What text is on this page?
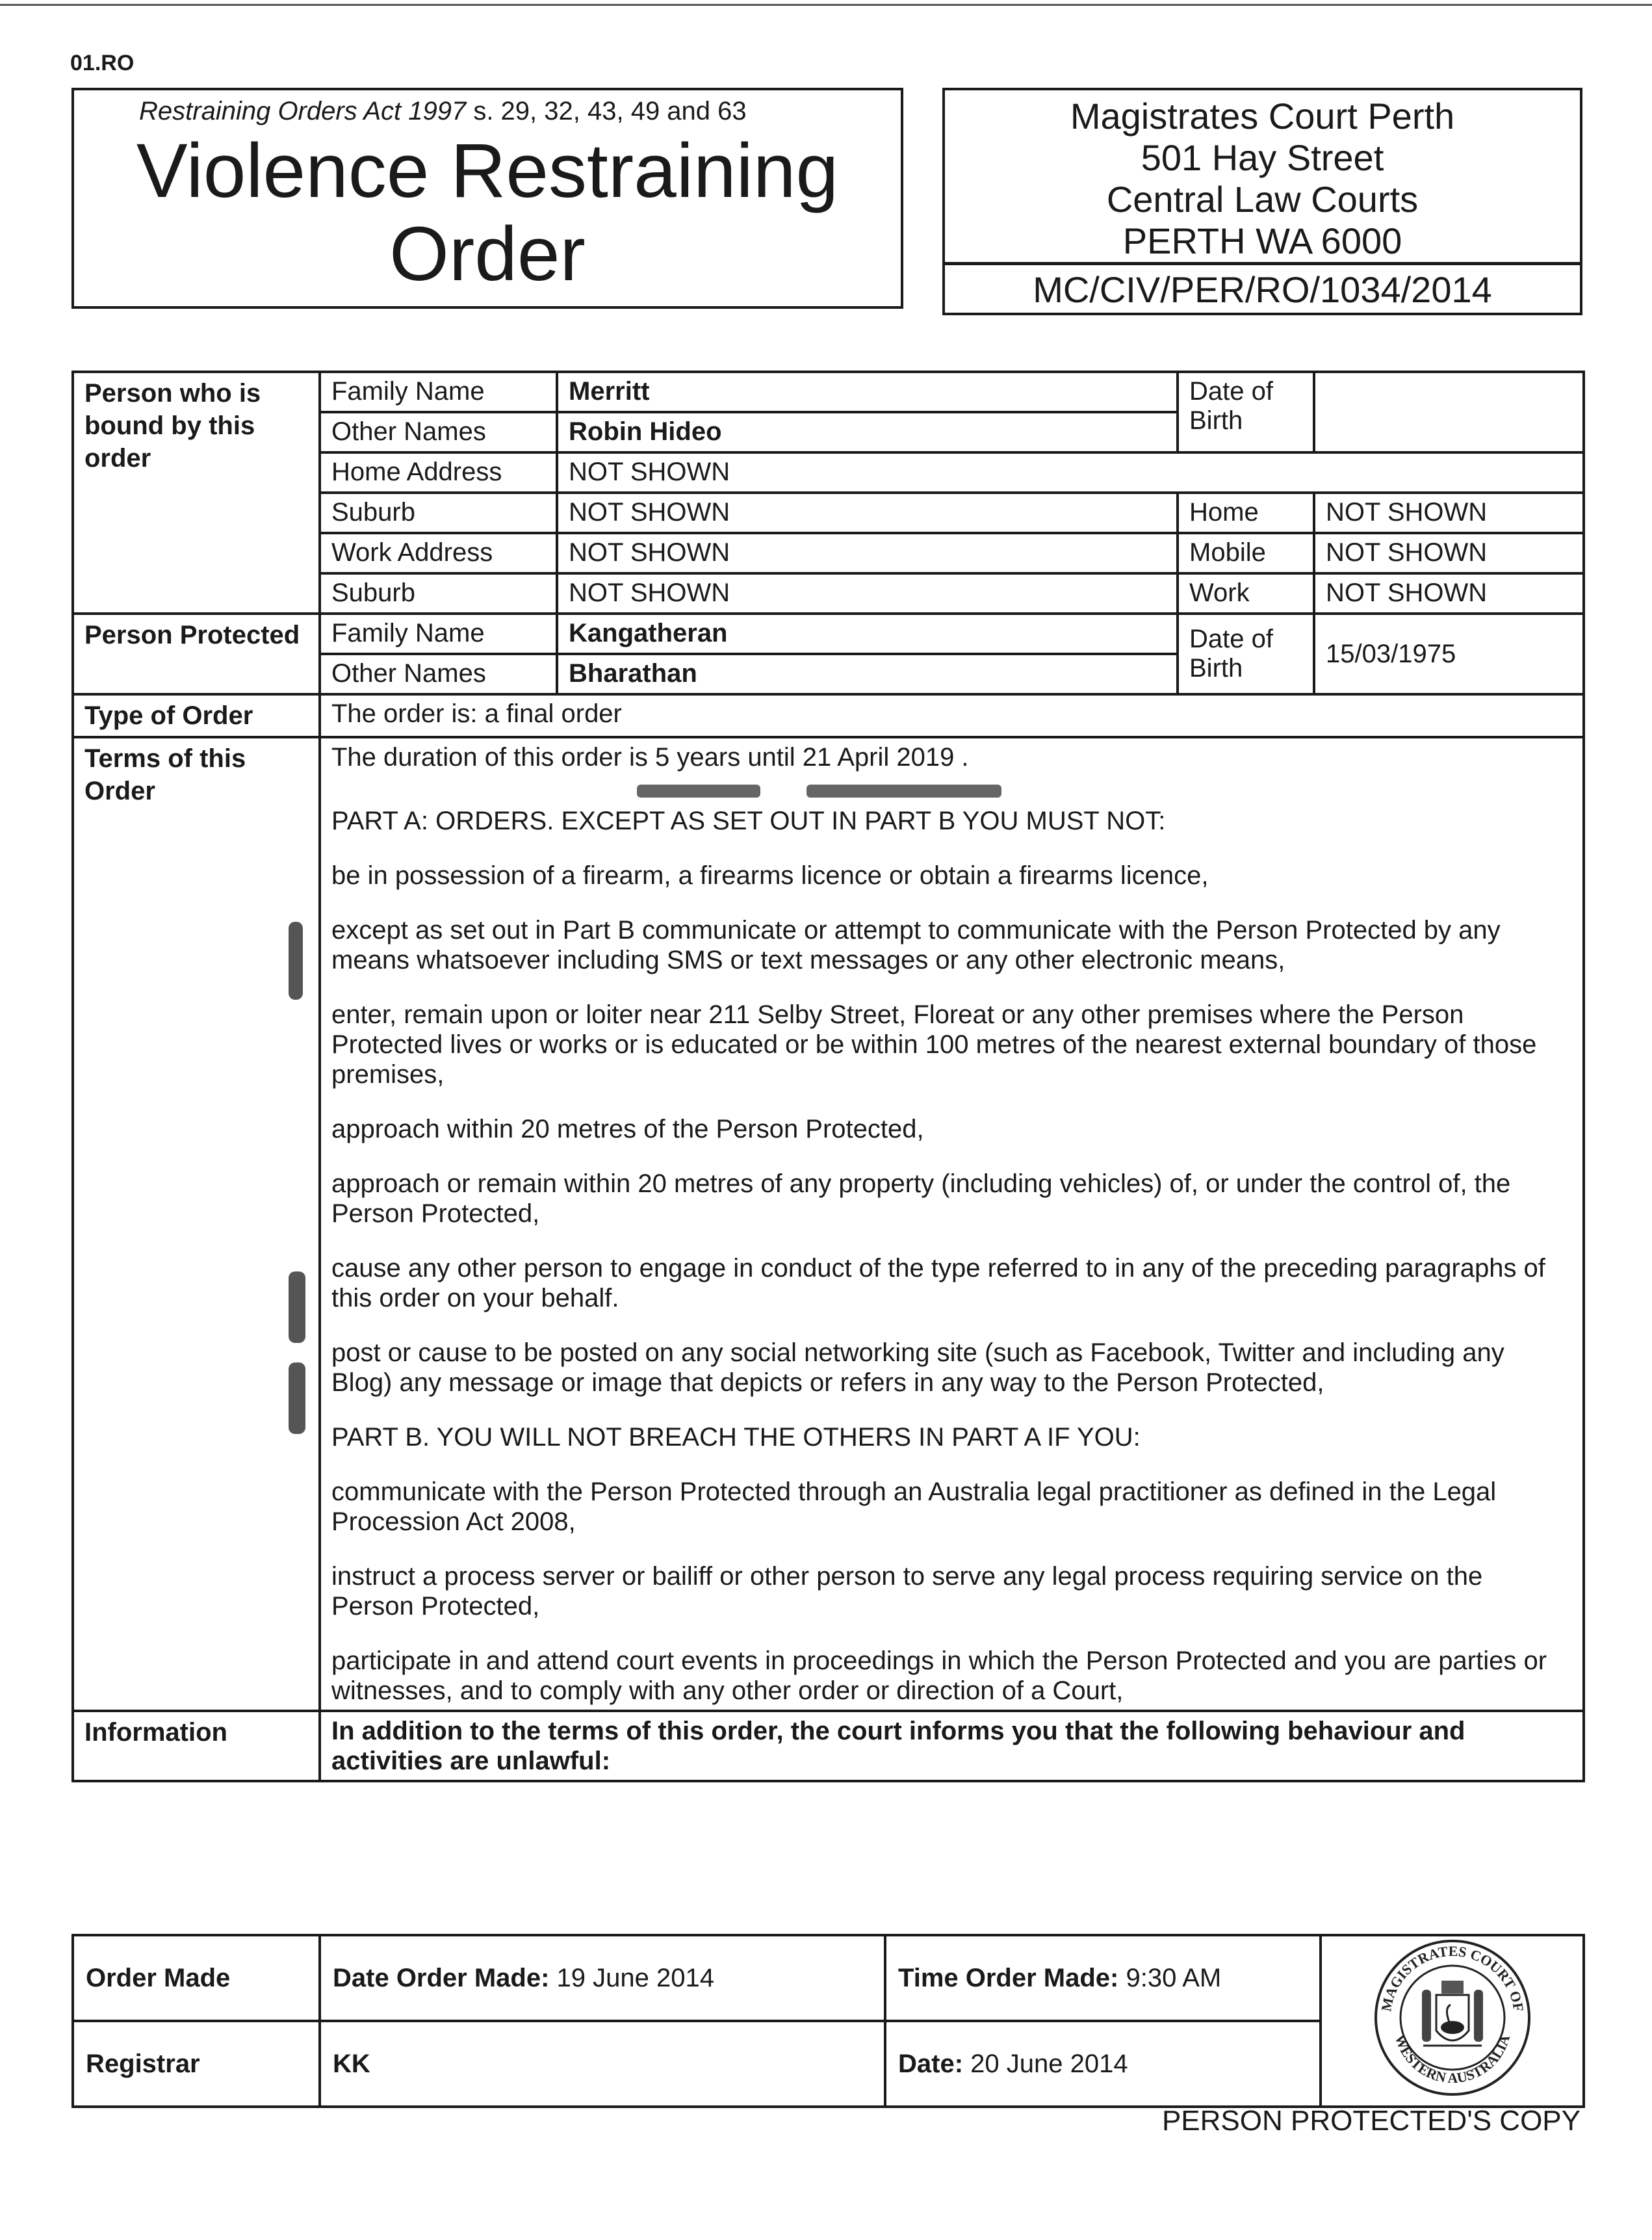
01.RO
Restraining Orders Act 1997 s. 29, 32, 43, 49 and 63
Violence Restraining
Order
Magistrates Court Perth
501 Hay Street
Central Law Courts
PERTH WA 6000
MC/CIV/PER/RO/1034/2014
Person who is bound by this order	Family Name	Merritt	Date of Birth	
	Other Names	Robin Hideo		
	Home Address	NOT SHOWN		
	Suburb	NOT SHOWN	Home	NOT SHOWN
	Work Address	NOT SHOWN	Mobile	NOT SHOWN
	Suburb	NOT SHOWN	Work	NOT SHOWN
Person Protected	Family Name	Kangatheran	Date of Birth	15/03/1975
	Other Names	Bharathan		
Type of Order	The order is: a final order			
Terms of this Order

The duration of this order is 5 years until 21 April 2019 .

PART A: ORDERS. EXCEPT AS SET OUT IN PART B YOU MUST NOT:

be in possession of a firearm, a firearms licence or obtain a firearms licence,

except as set out in Part B communicate or attempt to communicate with the Person Protected by any means whatsoever including SMS or text messages or any other electronic means,

enter, remain upon or loiter near 211 Selby Street, Floreat or any other premises where the Person Protected lives or works or is educated or be within 100 metres of the nearest external boundary of those premises,

approach within 20 metres of the Person Protected,

approach or remain within 20 metres of any property (including vehicles) of, or under the control of, the Person Protected,

cause any other person to engage in conduct of the type referred to in any of the preceding paragraphs of this order on your behalf.

post or cause to be posted on any social networking site (such as Facebook, Twitter and including any Blog) any message or image that depicts or refers in any way to the Person Protected,

PART B. YOU WILL NOT BREACH THE OTHERS IN PART A IF YOU:

communicate with the Person Protected through an Australia legal practitioner as defined in the Legal Procession Act 2008,

instruct a process server or bailiff or other person to serve any legal process requiring service on the Person Protected,

participate in and attend court events in proceedings in which the Person Protected and you are parties or witnesses, and to comply with any other order or direction of a Court,

Information	In addition to the terms of this order, the court informs you that the following behaviour and activities are unlawful:			
Order Made	Date Order Made: 19 June 2014	Time Order Made: 9:30 AM	MAGISTRATES COURT OF
WESTERN AUSTRALIA

Registrar	KK	Date: 20 June 2014	
PERSON PROTECTED'S COPY
